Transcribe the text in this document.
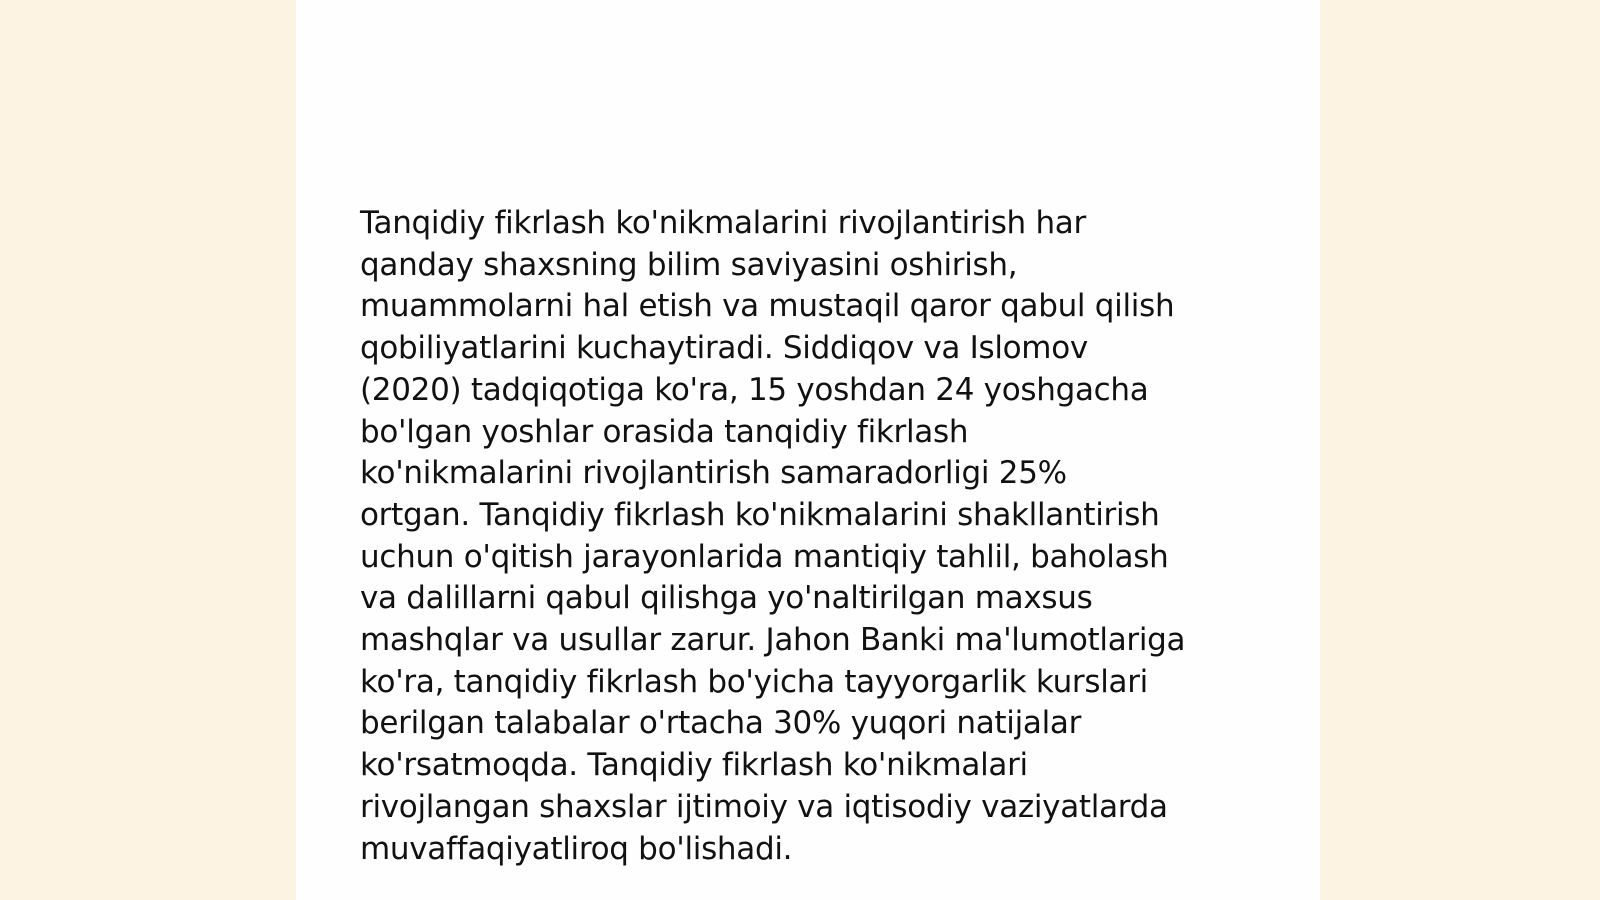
Tanqidiy fikrlash ko'nikmalarini rivojlantirish har
qanday shaxsning bilim saviyasini oshirish,
muammolarni hal etish va mustaqil qaror qabul qilish
qobiliyatlarini kuchaytiradi. Siddiqov va Islomov
(2020) tadqiqotiga ko'ra, 15 yoshdan 24 yoshgacha
bo'lgan yoshlar orasida tanqidiy fikrlash
ko'nikmalarini rivojlantirish samaradorligi 25%
ortgan. Tanqidiy fikrlash ko'nikmalarini shakllantirish
uchun o'qitish jarayonlarida mantiqiy tahlil, baholash
va dalillarni qabul qilishga yo'naltirilgan maxsus
mashqlar va usullar zarur. Jahon Banki ma'lumotlariga
ko'ra, tanqidiy fikrlash bo'yicha tayyorgarlik kurslari
berilgan talabalar o'rtacha 30% yuqori natijalar
ko'rsatmoqda. Tanqidiy fikrlash ko'nikmalari
rivojlangan shaxslar ijtimoiy va iqtisodiy vaziyatlarda
muvaffaqiyatliroq bo'lishadi.
